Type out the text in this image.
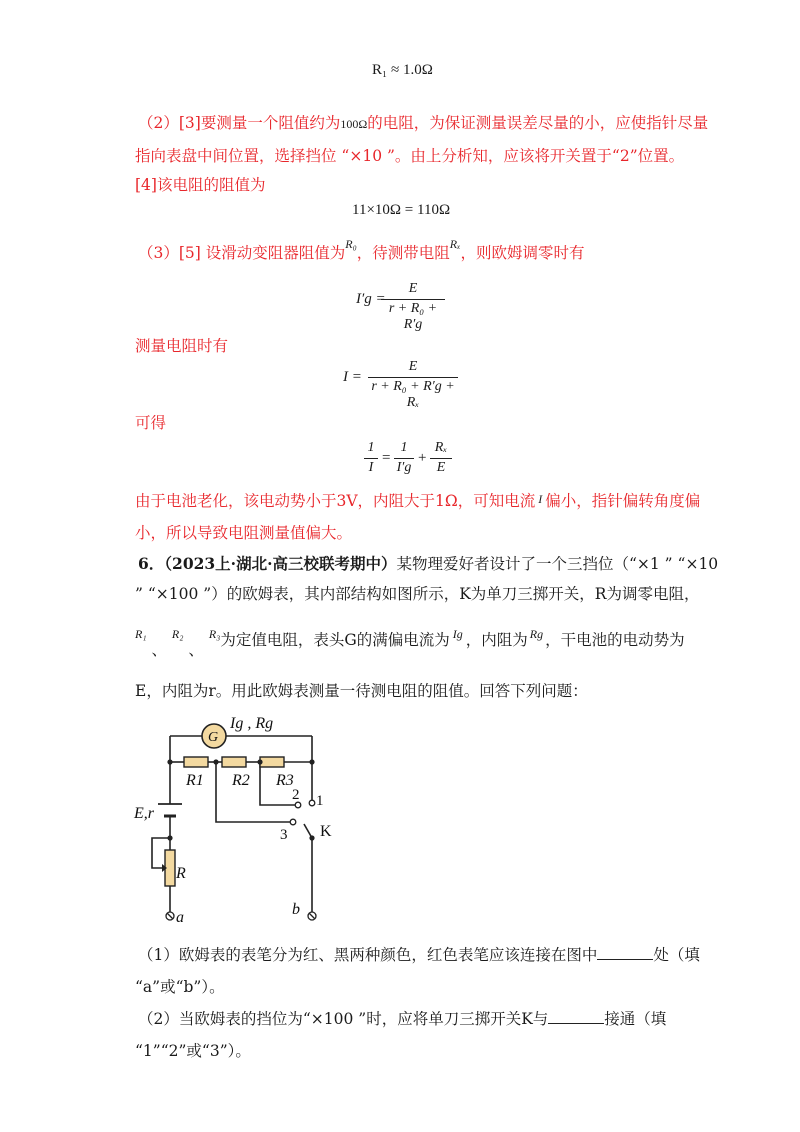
R₁ ≈ 1.0Ω
（2）[3]要测量一个阻值约为100Ω的电阻，为保证测量误差尽量的小，应使指针尽量
指向表盘中间位置，选择挡位 “×10 ”。由上分析知，应该将开关置于“2”位置。
[4]该电阻的阻值为
11×10Ω = 110Ω
（3）[5] 设滑动变阻器阻值为$^{R_0}$，待测带电阻$^{R_x}$，则欧姆调零时有
I′g =
E
r + R₀ + R′g
测量电阻时有
I =
E
r + R₀ + R′g + Rₓ
可得
1
I
=
1
I′g
+
Rₓ
E
由于电池老化，该电动势小于3V，内阻大于1Ω，可知电流 I 偏小，指针偏转角度偏
小，所以导致电阻测量值偏大。
6．（2023上·湖北·高三校联考期中）某物理爱好者设计了一个三挡位（“×1 ” “×10
” “×100 ”）的欧姆表，其内部结构如图所示，K为单刀三掷开关，R为调零电阻，
$^{R_1}$ 、 $^{R_2}$ 、 $^{R_3}$为定值电阻，表头G的满偏电流为 $^{Ig}$ ，内阻为 $^{Rg}$ ，干电池的电动势为
E，内阻为r。用此欧姆表测量一待测电阻的阻值。回答下列问题：
G
Ig , Rg
R1 R2 R3
E,r
R
a	b
K
1
2
3
（1）欧姆表的表笔分为红、黑两种颜色，红色表笔应该连接在图中	处（填
“a”或“b”）。
（2）当欧姆表的挡位为“×100 ”时，应将单刀三掷开关K与	接通（填
“1”“2”或“3”）。
